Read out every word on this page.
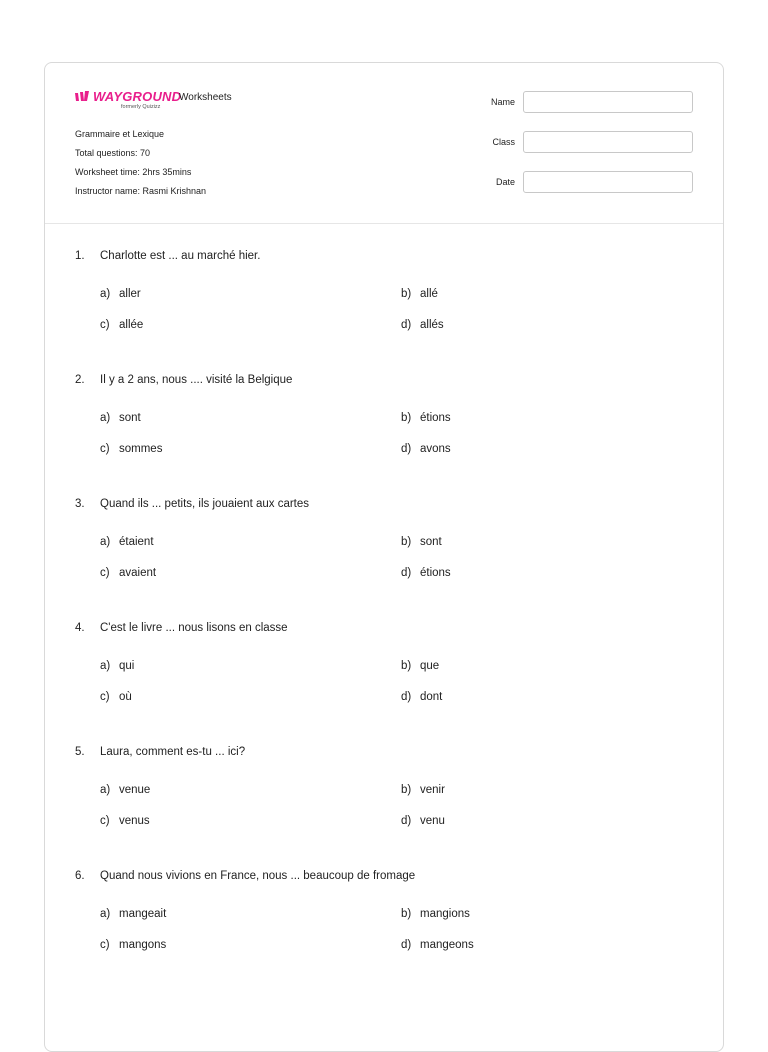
WAYGROUND
formerly Quizizz
Worksheets
Grammaire et Lexique
Total questions: 70
Worksheet time: 2hrs 35mins
Instructor name: Rasmi Krishnan
Name
Class
Date
1. Charlotte est ... au marché hier.
a) aller	b) allé
c) allée	d) allés
2. Il y a 2 ans, nous .... visité la Belgique
a) sont	b) étions
c) sommes	d) avons
3. Quand ils ... petits, ils jouaient aux cartes
a) étaient	b) sont
c) avaient	d) étions
4. C'est le livre ... nous lisons en classe
a) qui	b) que
c) où	d) dont
5. Laura, comment es-tu ... ici?
a) venue	b) venir
c) venus	d) venu
6. Quand nous vivions en France, nous ... beaucoup de fromage
a) mangeait	b) mangions
c) mangons	d) mangeons
